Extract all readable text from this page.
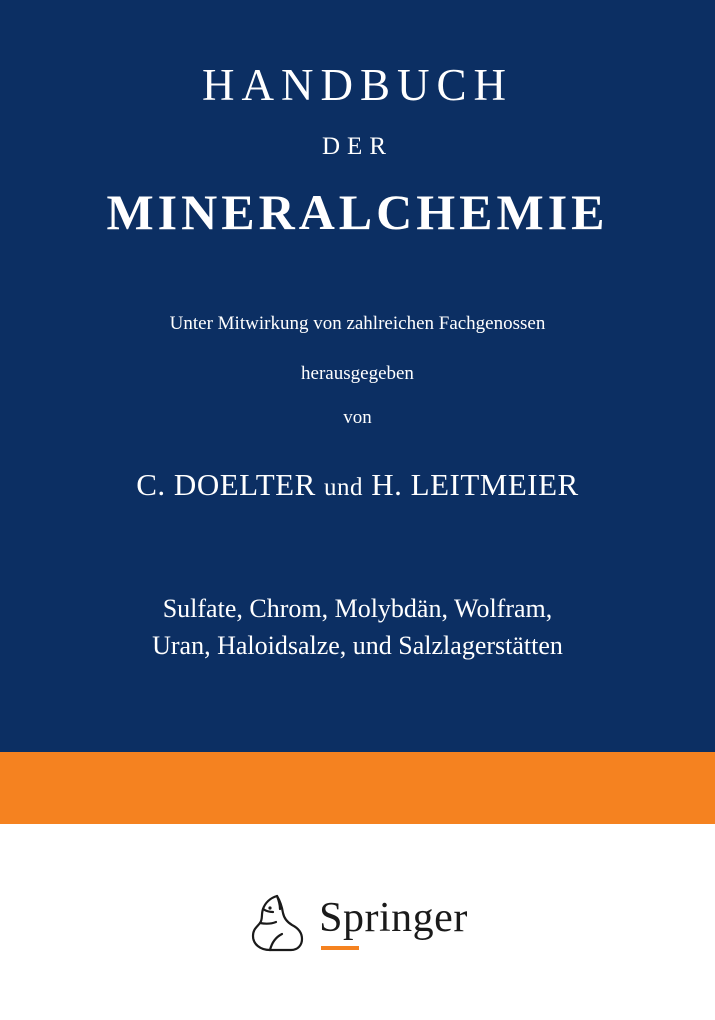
HANDBUCH

DER

MINERALCHEMIE

Unter Mitwirkung von zahlreichen Fachgenossen

herausgegeben

von

C. DOELTER und H. LEITMEIER

Sulfate, Chrom, Molybdän, Wolfram,
Uran, Haloidsalze, und Salzlagerstätten

Springer
